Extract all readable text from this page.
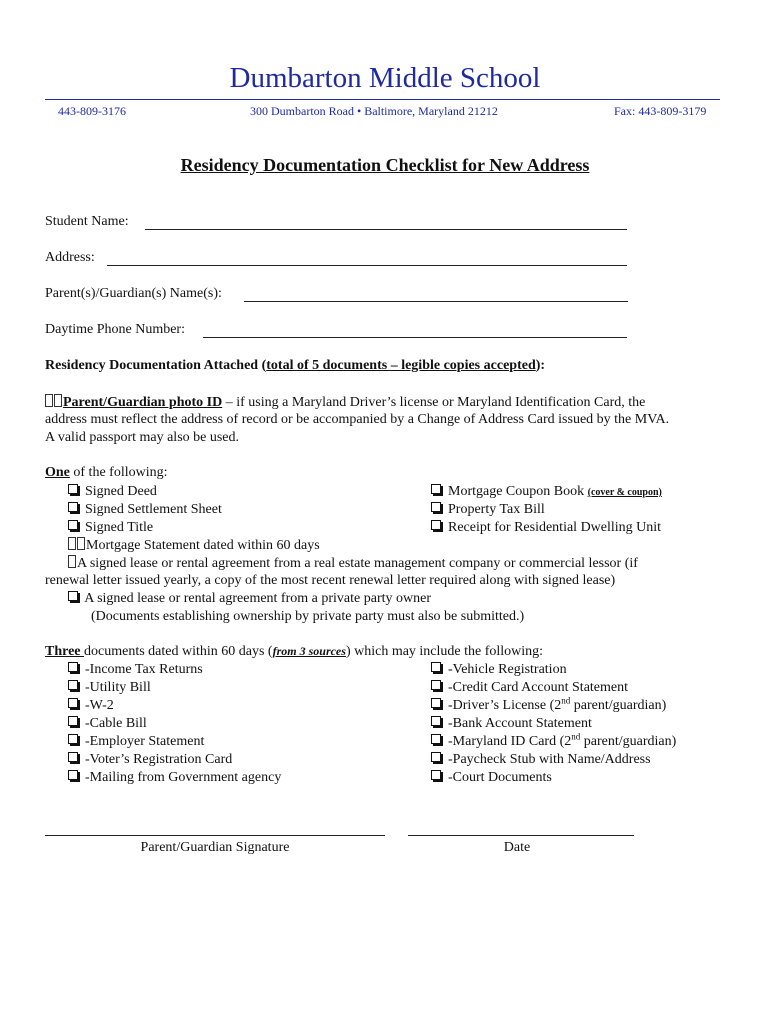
Dumbarton Middle School
443-809-3176	300 Dumbarton Road • Baltimore, Maryland 21212	Fax: 443-809-3179
Residency Documentation Checklist for New Address
Student Name:
Address:
Parent(s)/Guardian(s) Name(s):
Daytime Phone Number:
Residency Documentation Attached (total of 5 documents – legible copies accepted):
Parent/Guardian photo ID – if using a Maryland Driver’s license or Maryland Identification Card, the
address must reflect the address of record or be accompanied by a Change of Address Card issued by the MVA.
A valid passport may also be used.
One of the following:
Signed Deed
Signed Settlement Sheet
Signed Title
Mortgage Coupon Book (cover & coupon)
Property Tax Bill
Receipt for Residential Dwelling Unit
Mortgage Statement dated within 60 days
A signed lease or rental agreement from a real estate management company or commercial lessor (if
renewal letter issued yearly, a copy of the most recent renewal letter required along with signed lease)
A signed lease or rental agreement from a private party owner
(Documents establishing ownership by private party must also be submitted.)
Three documents dated within 60 days (from 3 sources) which may include the following:
-Income Tax Returns
-Utility Bill
-W-2
-Cable Bill
-Employer Statement
-Voter’s Registration Card
-Mailing from Government agency
-Vehicle Registration
-Credit Card Account Statement
-Driver’s License (2nd parent/guardian)
-Bank Account Statement
-Maryland ID Card (2nd parent/guardian)
-Paycheck Stub with Name/Address
-Court Documents
Parent/Guardian Signature	Date
